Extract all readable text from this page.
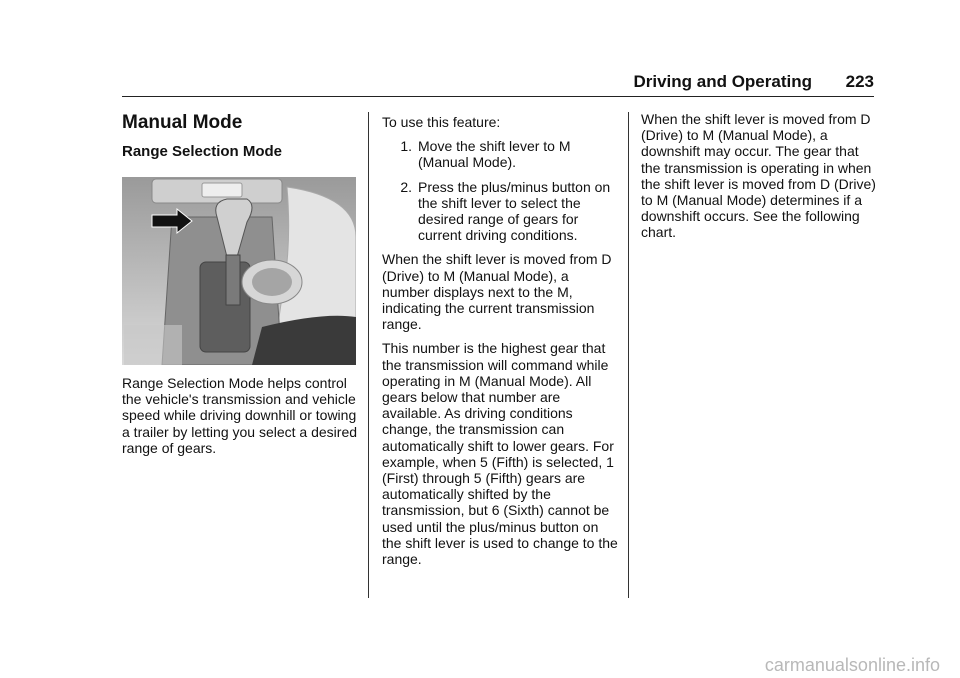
Driving and Operating 223
Manual Mode
Range Selection Mode

Range Selection Mode helps control the vehicle's transmission and vehicle speed while driving downhill or towing a trailer by letting you select a desired range of gears.

To use this feature:

1. Move the shift lever to M (Manual Mode).
2. Press the plus/minus button on the shift lever to select the desired range of gears for current driving conditions.

When the shift lever is moved from D (Drive) to M (Manual Mode), a number displays next to the M, indicating the current transmission range.

This number is the highest gear that the transmission will command while operating in M (Manual Mode). All gears below that number are available. As driving conditions change, the transmission can automatically shift to lower gears. For example, when 5 (Fifth) is selected, 1 (First) through 5 (Fifth) gears are automatically shifted by the transmission, but 6 (Sixth) cannot be used until the plus/minus button on the shift lever is used to change to the range.

When the shift lever is moved from D (Drive) to M (Manual Mode), a downshift may occur. The gear that the transmission is operating in when the shift lever is moved from D (Drive) to M (Manual Mode) determines if a downshift occurs. See the following chart.

carmanualsonline.info
